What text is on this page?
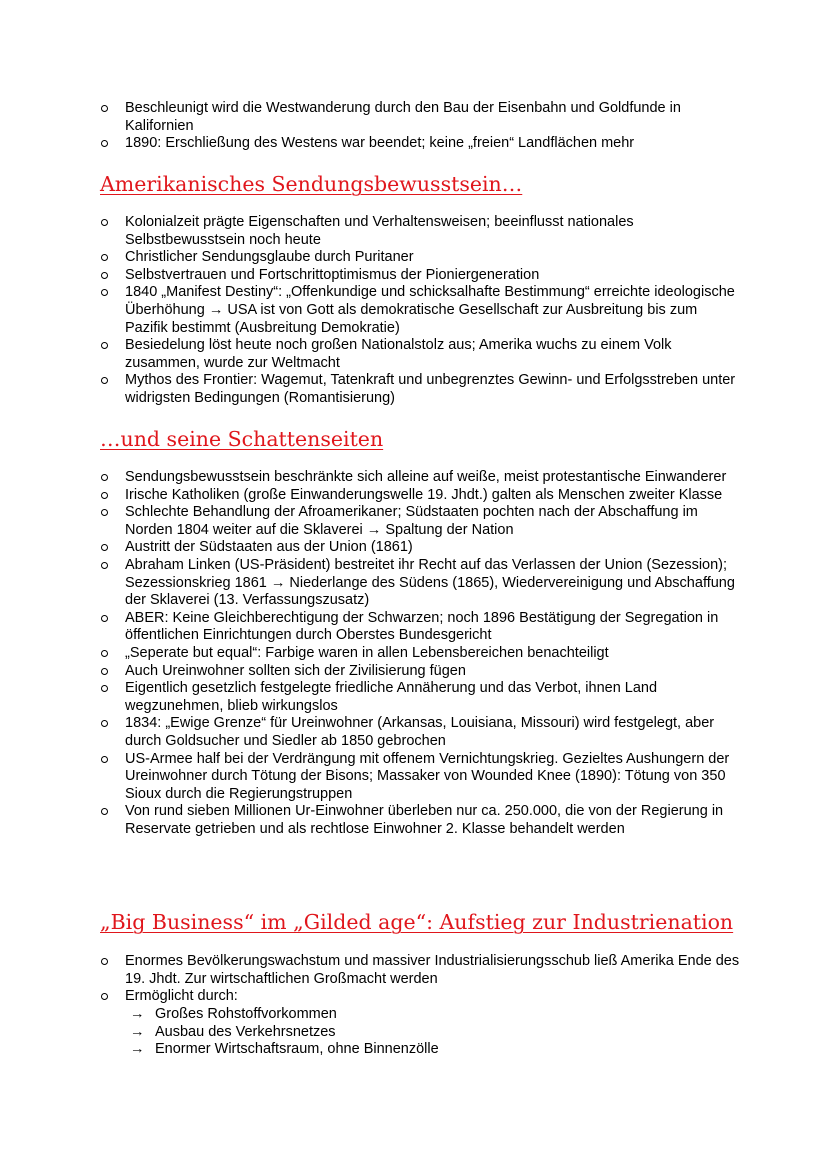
Beschleunigt wird die Westwanderung durch den Bau der Eisenbahn und Goldfunde in Kalifornien
1890: Erschließung des Westens war beendet; keine „freien“ Landflächen mehr
Amerikanisches Sendungsbewusstsein…
Kolonialzeit prägte Eigenschaften und Verhaltensweisen; beeinflusst nationales Selbstbewusstsein noch heute
Christlicher Sendungsglaube durch Puritaner
Selbstvertrauen und Fortschrittoptimismus der Pioniergeneration
1840 „Manifest Destiny“: „Offenkundige und schicksalhafte Bestimmung“ erreichte ideologische Überhöhung → USA ist von Gott als demokratische Gesellschaft zur Ausbreitung bis zum Pazifik bestimmt (Ausbreitung Demokratie)
Besiedelung löst heute noch großen Nationalstolz aus; Amerika wuchs zu einem Volk zusammen, wurde zur Weltmacht
Mythos des Frontier: Wagemut, Tatenkraft und unbegrenztes Gewinn- und Erfolgsstreben unter widrigsten Bedingungen (Romantisierung)
…und seine Schattenseiten
Sendungsbewusstsein beschränkte sich alleine auf weiße, meist protestantische Einwanderer
Irische Katholiken (große Einwanderungswelle 19. Jhdt.) galten als Menschen zweiter Klasse
Schlechte Behandlung der Afroamerikaner; Südstaaten pochten nach der Abschaffung im Norden 1804 weiter auf die Sklaverei → Spaltung der Nation
Austritt der Südstaaten aus der Union (1861)
Abraham Linken (US-Präsident) bestreitet ihr Recht auf das Verlassen der Union (Sezession); Sezessionskrieg 1861 → Niederlange des Südens (1865), Wiedervereinigung und Abschaffung der Sklaverei (13. Verfassungszusatz)
ABER: Keine Gleichberechtigung der Schwarzen; noch 1896 Bestätigung der Segregation in öffentlichen Einrichtungen durch Oberstes Bundesgericht
„Seperate but equal“: Farbige waren in allen Lebensbereichen benachteiligt
Auch Ureinwohner sollten sich der Zivilisierung fügen
Eigentlich gesetzlich festgelegte friedliche Annäherung und das Verbot, ihnen Land wegzunehmen, blieb wirkungslos
1834: „Ewige Grenze“ für Ureinwohner (Arkansas, Louisiana, Missouri) wird festgelegt, aber durch Goldsucher und Siedler ab 1850 gebrochen
US-Armee half bei der Verdrängung mit offenem Vernichtungskrieg. Gezieltes Aushungern der Ureinwohner durch Tötung der Bisons; Massaker von Wounded Knee (1890): Tötung von 350 Sioux durch die Regierungstruppen
Von rund sieben Millionen Ur-Einwohner überleben nur ca. 250.000, die von der Regierung in Reservate getrieben und als rechtlose Einwohner 2. Klasse behandelt werden
„Big Business“ im „Gilded age“: Aufstieg zur Industrienation
Enormes Bevölkerungswachstum und massiver Industrialisierungsschub ließ Amerika Ende des 19. Jhdt. Zur wirtschaftlichen Großmacht werden
Ermöglicht durch:
→ Großes Rohstoffvorkommen
→ Ausbau des Verkehrsnetzes
→ Enormer Wirtschaftsraum, ohne Binnenzölle
